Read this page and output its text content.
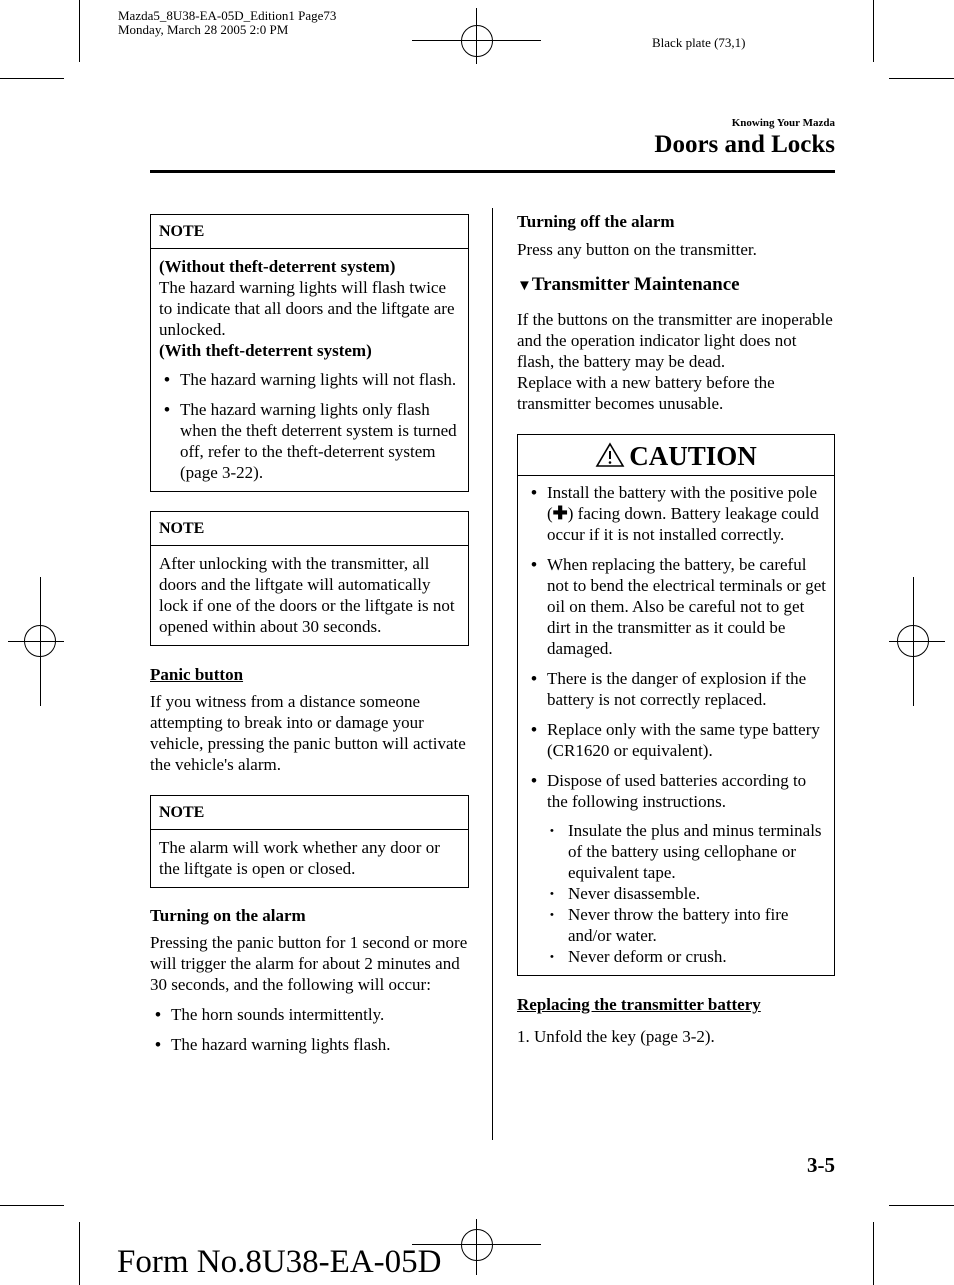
Mazda5_8U38-EA-05D_Edition1 Page73
Monday, March 28 2005 2:0 PM
Black plate (73,1)
Knowing Your Mazda
Doors and Locks
NOTE

(Without theft-deterrent system)

The hazard warning lights will flash twice to indicate that all doors and the liftgate are unlocked.

(With theft-deterrent system)

• The hazard warning lights will not flash.
• The hazard warning lights only flash when the theft deterrent system is turned off, refer to the theft-deterrent system (page 3-22).
NOTE

After unlocking with the transmitter, all doors and the liftgate will automatically lock if one of the doors or the liftgate is not opened within about 30 seconds.

Panic button

If you witness from a distance someone attempting to break into or damage your vehicle, pressing the panic button will activate the vehicle's alarm.

NOTE

The alarm will work whether any door or the liftgate is open or closed.

Turning on the alarm

Pressing the panic button for 1 second or more will trigger the alarm for about 2 minutes and 30 seconds, and the following will occur:

• The horn sounds intermittently.
• The hazard warning lights flash.
Turning off the alarm

Press any button on the transmitter.

▼Transmitter Maintenance

If the buttons on the transmitter are inoperable and the operation indicator light does not flash, the battery may be dead.

Replace with a new battery before the transmitter becomes unusable.

CAUTION
• Install the battery with the positive pole (✚) facing down. Battery leakage could occur if it is not installed correctly.
• When replacing the battery, be careful not to bend the electrical terminals or get oil on them. Also be careful not to get dirt in the transmitter as it could be damaged.
• There is the danger of explosion if the battery is not correctly replaced.
• Replace only with the same type battery (CR1620 or equivalent).
• Dispose of used batteries according to the following instructions.
• Insulate the plus and minus terminals of the battery using cellophane or equivalent tape.
• Never disassemble.
• Never throw the battery into fire and/or water.
• Never deform or crush.
Replacing the transmitter battery
1. Unfold the key (page 3-2).
3-5
Form No.8U38-EA-05D
